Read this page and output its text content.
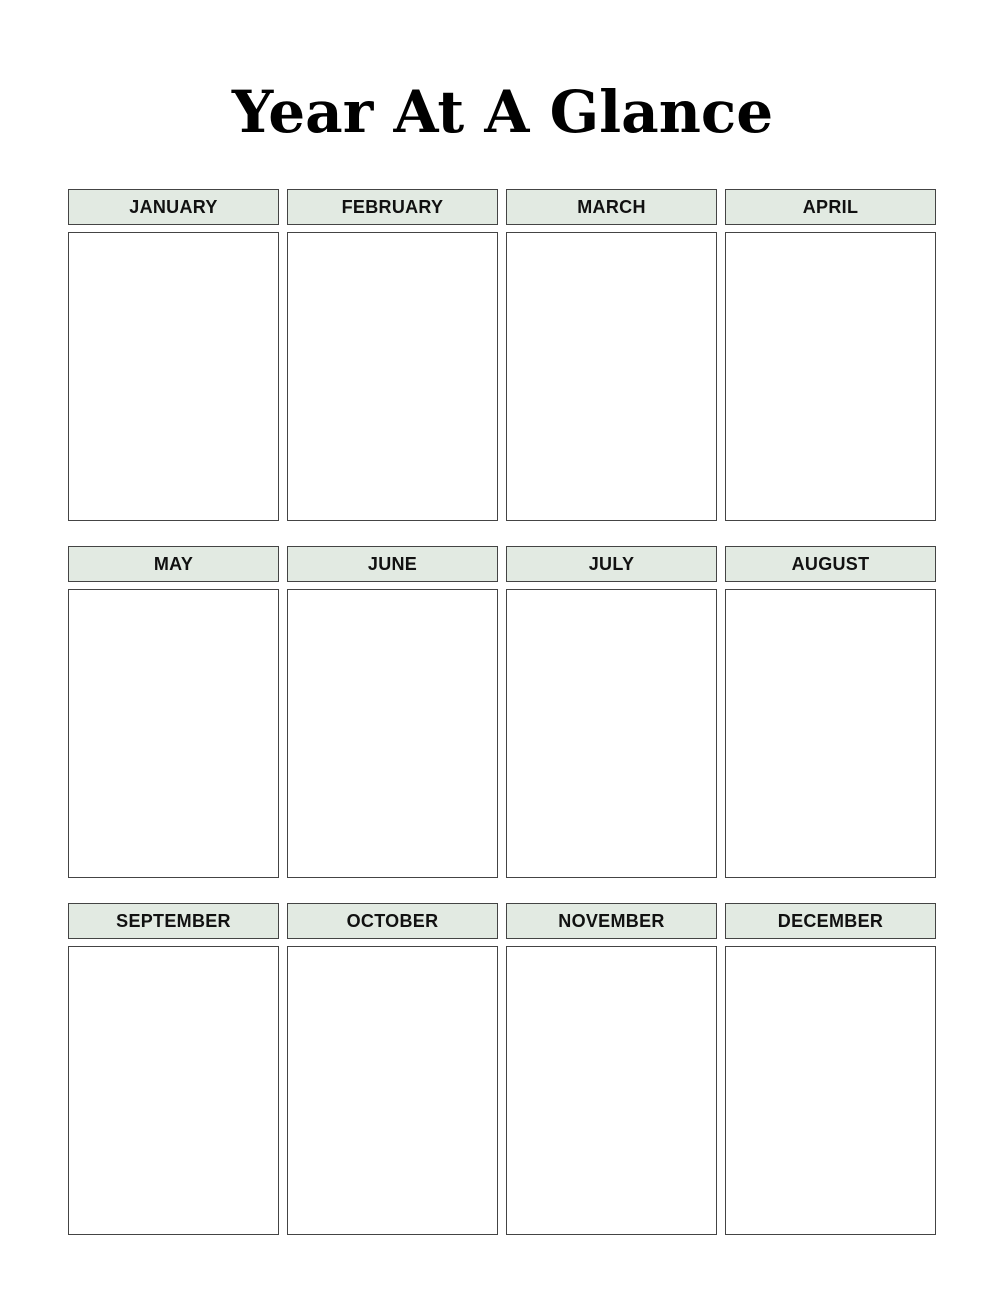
Year At A Glance
JANUARY	FEBRUARY	MARCH	APRIL
MAY	JUNE	JULY	AUGUST
SEPTEMBER	OCTOBER	NOVEMBER	DECEMBER
